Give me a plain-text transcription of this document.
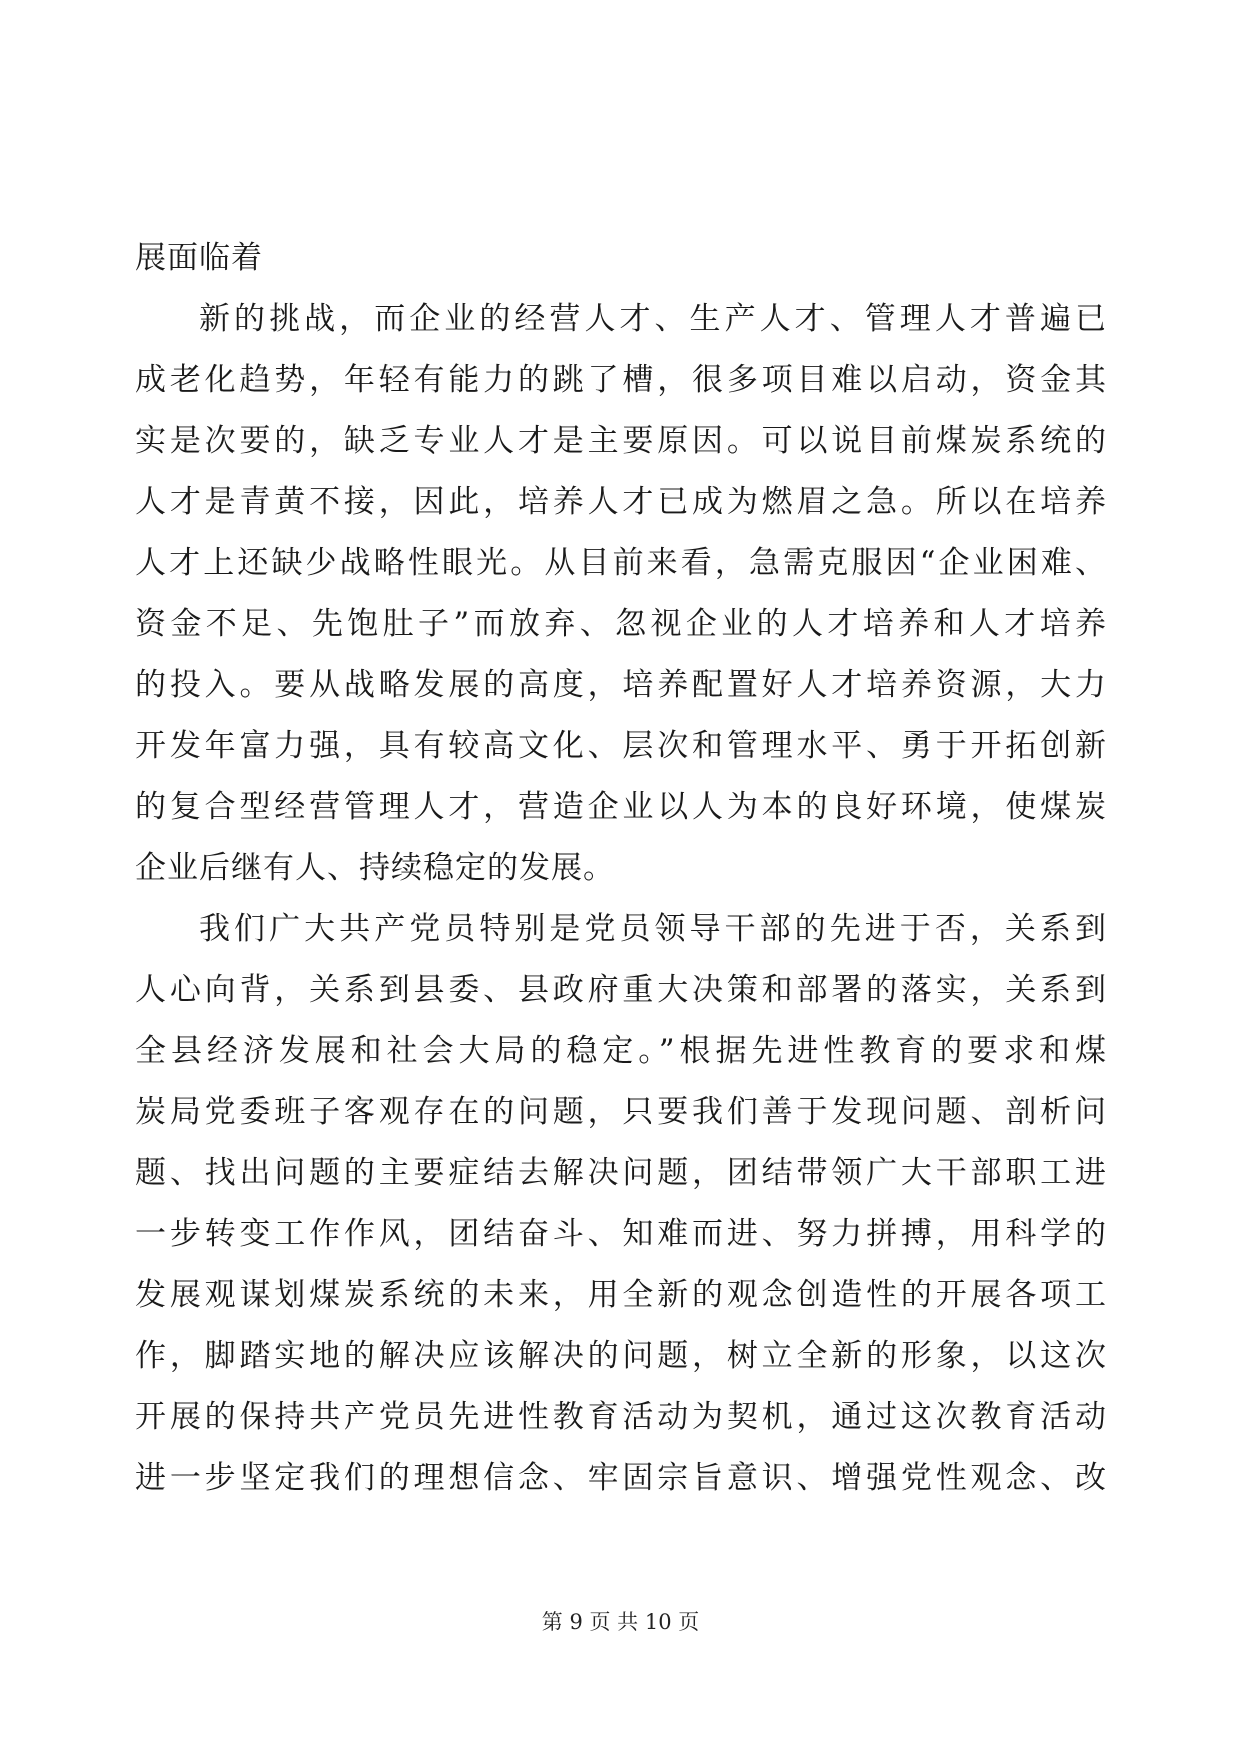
展面临着
新的挑战，而企业的经营人才、生产人才、管理人才普遍已
成老化趋势，年轻有能力的跳了槽，很多项目难以启动，资金其
实是次要的，缺乏专业人才是主要原因。可以说目前煤炭系统的
人才是青黄不接，因此，培养人才已成为燃眉之急。所以在培养
人才上还缺少战略性眼光。从目前来看，急需克服因“企业困难、
资金不足、先饱肚子”而放弃、忽视企业的人才培养和人才培养
的投入。要从战略发展的高度，培养配置好人才培养资源，大力
开发年富力强，具有较高文化、层次和管理水平、勇于开拓创新
的复合型经营管理人才，营造企业以人为本的良好环境，使煤炭
企业后继有人、持续稳定的发展。
我们广大共产党员特别是党员领导干部的先进于否，关系到
人心向背，关系到县委、县政府重大决策和部署的落实，关系到
全县经济发展和社会大局的稳定。”根据先进性教育的要求和煤
炭局党委班子客观存在的问题，只要我们善于发现问题、剖析问
题、找出问题的主要症结去解决问题，团结带领广大干部职工进
一步转变工作作风，团结奋斗、知难而进、努力拼搏，用科学的
发展观谋划煤炭系统的未来，用全新的观念创造性的开展各项工
作，脚踏实地的解决应该解决的问题，树立全新的形象，以这次
开展的保持共产党员先进性教育活动为契机，通过这次教育活动
进一步坚定我们的理想信念、牢固宗旨意识、增强党性观念、改
第 9 页 共 10 页
